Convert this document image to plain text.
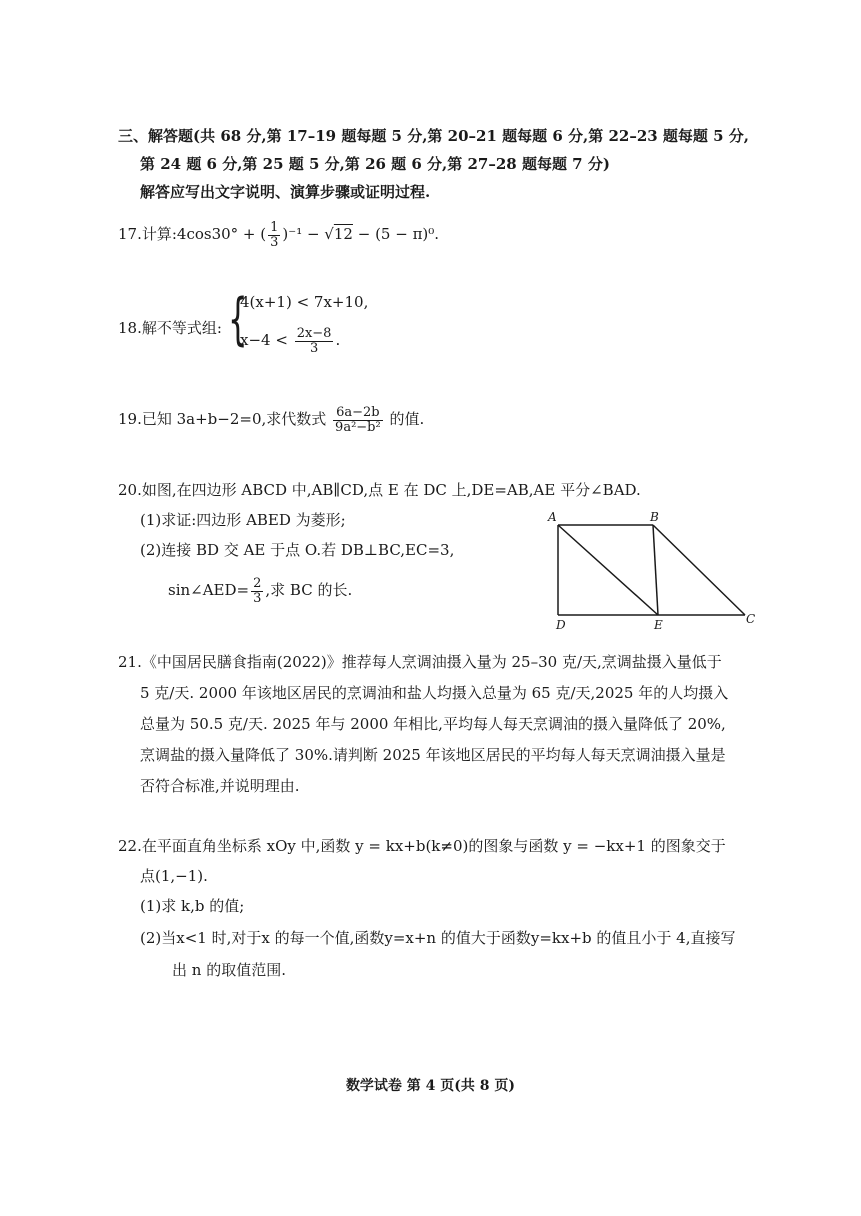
三、解答题(共 68 分,第 17–19 题每题 5 分,第 20–21 题每题 6 分,第 22–23 题每题 5 分,
第 24 题 6 分,第 25 题 5 分,第 26 题 6 分,第 27–28 题每题 7 分)
解答应写出文字说明、演算步骤或证明过程.
17.计算:4cos30° + ( $\frac{1}{3} )^{-1} - √12 - (5 - \pi)^0$.
18.解不等式组: {
4(x+1) < 7x+10,
$x-4 < \frac{2x-8}{3}$ .
19.已知 3a+b−2=0,求代数式 $\frac{6a-2b}{\text{9a²−b²}}$ 的值.
20.如图,在四边形 ABCD 中,AB∥CD,点 E 在 DC 上,DE=AB,AE 平分∠BAD.
(1)求证:四边形 ABED 为菱形;
(2)连接 BD 交 AE 于点 O.若 DB⊥BC,EC=3,
sin∠AED= $\frac{2}{3}$ ,求 BC 的长.
A	B
C
D	E
21.《中国居民膳食指南(2022)》推荐每人烹调油摄入量为 25–30 克/天,烹调盐摄入量低于
5 克/天. 2000 年该地区居民的烹调油和盐人均摄入总量为 65 克/天,2025 年的人均摄入
总量为 50.5 克/天. 2025 年与 2000 年相比,平均每人每天烹调油的摄入量降低了 20%,
烹调盐的摄入量降低了 30%.请判断 2025 年该地区居民的平均每人每天烹调油摄入量是
否符合标准,并说明理由.
22.在平面直角坐标系 xOy 中,函数 y = kx+b(k≠0)的图象与函数 y = −kx+1 的图象交于
点(1,−1).
(1)求 k,b 的值;
(2)当x<1 时,对于x 的每一个值,函数y=x+n 的值大于函数y=kx+b 的值且小于 4,直接写
出 n 的取值范围.
数学试卷 第 4 页(共 8 页)
